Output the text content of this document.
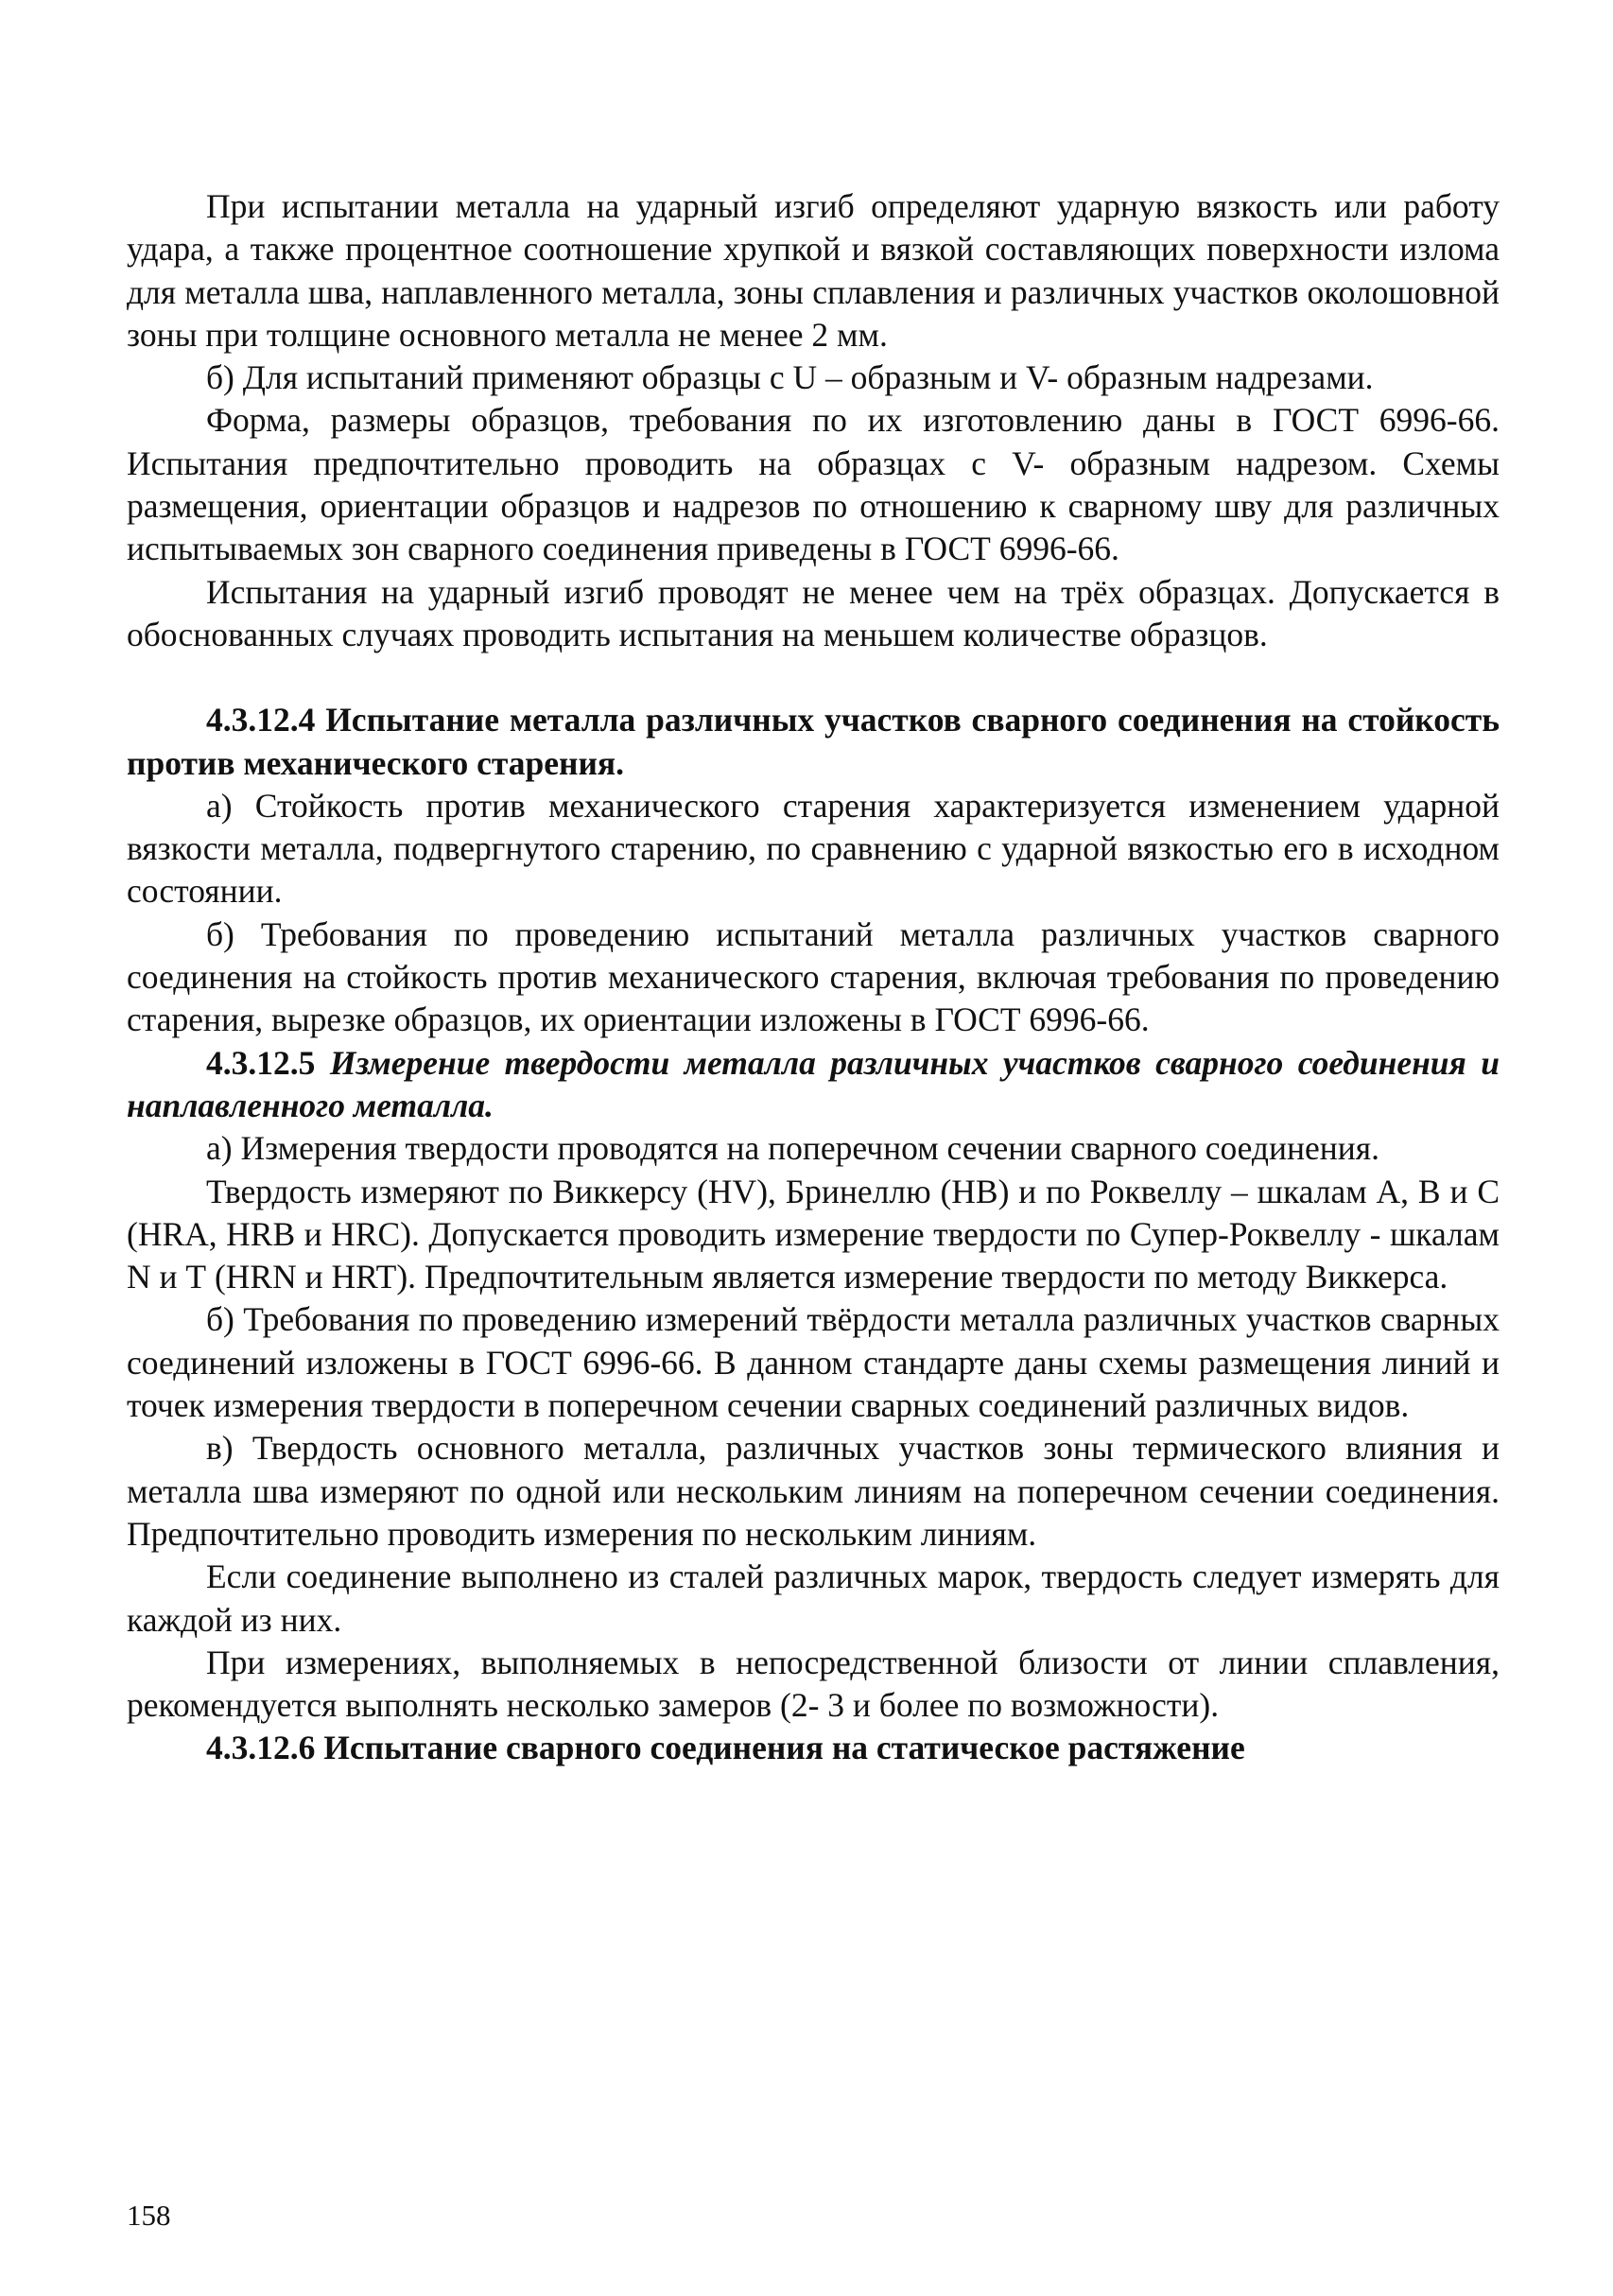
При испытании металла на ударный изгиб определяют ударную вязкость или работу удара, а также процентное соотношение хрупкой и вязкой составляющих поверхности излома для металла шва, наплавленного металла, зоны сплавления и различных участков околошовной зоны при толщине основного металла не менее 2 мм.

б) Для испытаний применяют образцы с U – образным и V- образным надрезами.

Форма, размеры образцов, требования по их изготовлению даны в ГОСТ 6996-66. Испытания предпочтительно проводить на образцах с V- образным надрезом. Схемы размещения, ориентации образцов и надрезов по отношению к сварному шву для различных испытываемых зон сварного соединения приведены в ГОСТ 6996-66.

Испытания на ударный изгиб проводят не менее чем на трёх образцах. Допускается в обоснованных случаях проводить испытания на меньшем количестве образцов.

4.3.12.4 Испытание металла различных участков сварного соединения на стойкость против механического старения.

а) Стойкость против механического старения характеризуется изменением ударной вязкости металла, подвергнутого старению, по сравнению с ударной вязкостью его в исходном состоянии.

б) Требования по проведению испытаний металла различных участков сварного соединения на стойкость против механического старения, включая требования по проведению старения, вырезке образцов, их ориентации изложены в ГОСТ 6996-66.

4.3.12.5 Измерение твердости металла различных участков сварного соединения и наплавленного металла.

а) Измерения твердости проводятся на поперечном сечении сварного соединения.

Твердость измеряют по Виккерсу (HV), Бринеллю (НВ) и по Роквеллу – шкалам А, В и С (HRA, HRB и HRC). Допускается проводить измерение твердости по Супер-Роквеллу - шкалам N и Т (HRN и HRT). Предпочтительным является измерение твердости по методу Виккерса.

б) Требования по проведению измерений твёрдости металла различных участков сварных соединений изложены в ГОСТ 6996-66. В данном стандарте даны схемы размещения линий и точек измерения твердости в поперечном сечении сварных соединений различных видов.

в) Твердость основного металла, различных участков зоны термического влияния и металла шва измеряют по одной или нескольким линиям на поперечном сечении соединения. Предпочтительно проводить измерения по нескольким линиям.

Если соединение выполнено из сталей различных марок, твердость следует измерять для каждой из них.

При измерениях, выполняемых в непосредственной близости от линии сплавления, рекомендуется выполнять несколько замеров (2- 3 и более по возможности).

4.3.12.6 Испытание сварного соединения на статическое растяжение
158
